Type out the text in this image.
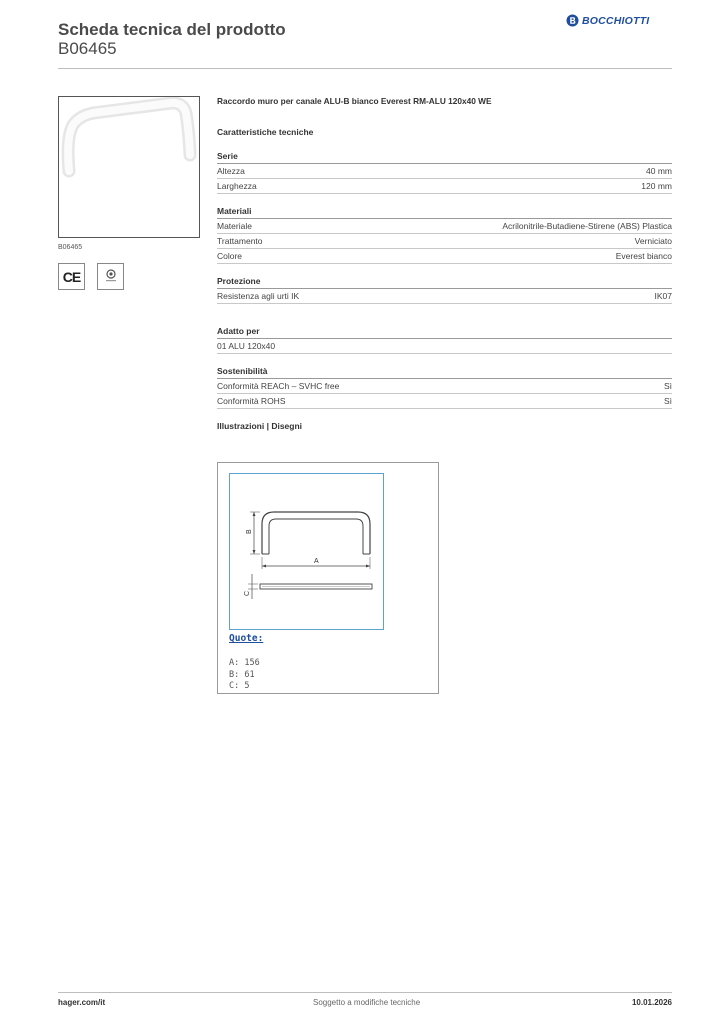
Scheda tecnica del prodotto
B06465
BOCCHIOTTI
B06465
CE
Raccordo muro per canale ALU-B bianco Everest RM-ALU 120x40 WE
Caratteristiche tecniche
Serie
Altezza	40 mm
Larghezza	120 mm
Materiali
Materiale	Acrilonitrile-Butadiene-Stirene (ABS) Plastica
Trattamento	Verniciato
Colore	Everest bianco
Protezione
Resistenza agli urti IK	IK07
Adatto per
01 ALU 120x40
Sostenibilità
Conformità REACh – SVHC free	Sì
Conformità ROHS	Sì
Illustrazioni | Disegni
B
A
C
Quote:
A: 156
B: 61
C: 5
hager.com/it	Soggetto a modifiche tecniche	10.01.2026
